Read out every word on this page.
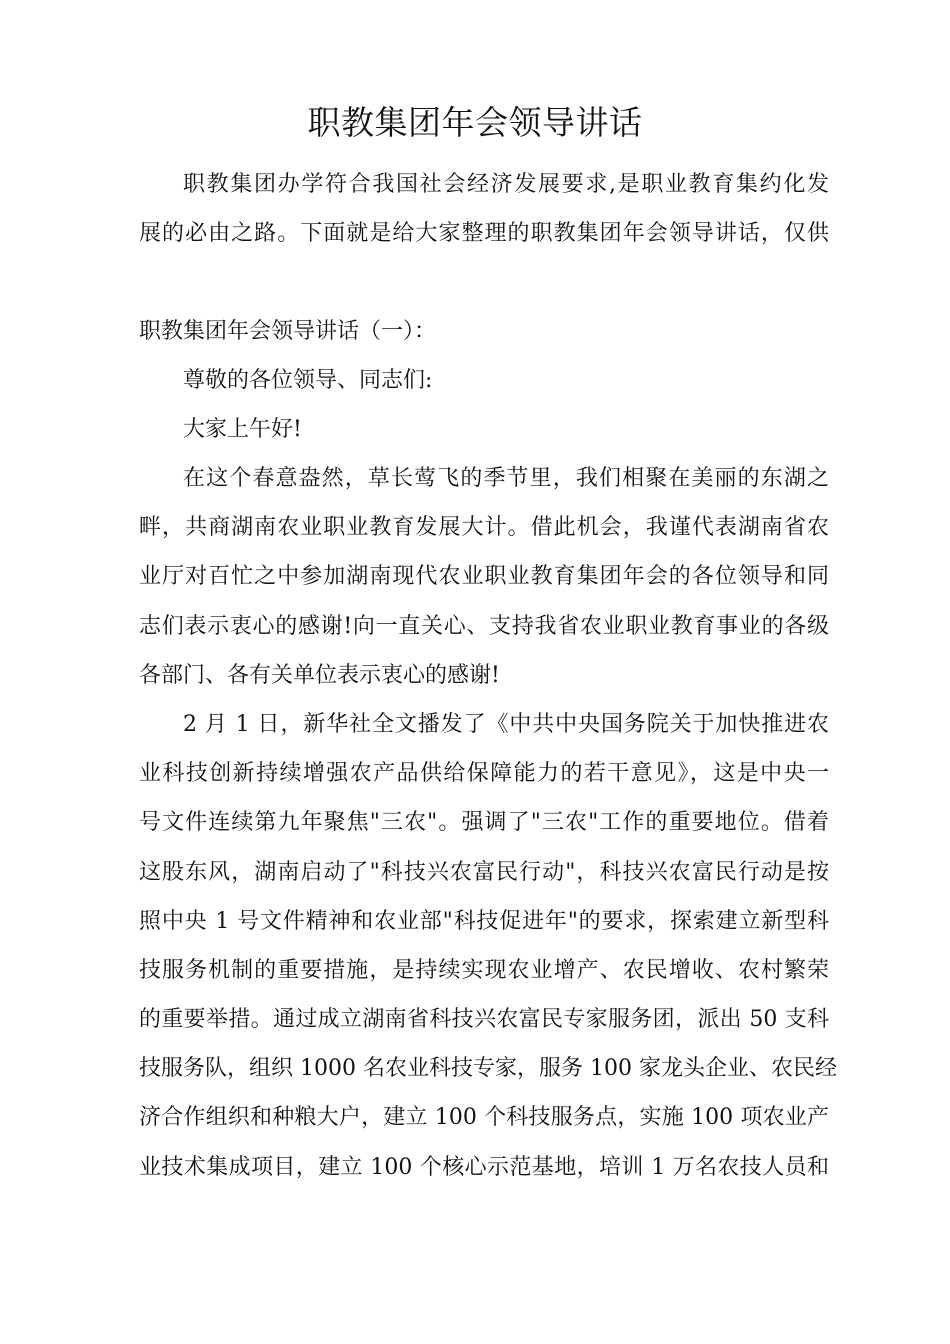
职教集团年会领导讲话
职教集团办学符合我国社会经济发展要求,是职业教育集约化发
展的必由之路。下面就是给大家整理的职教集团年会领导讲话，仅供
职教集团年会领导讲话（一）：
尊敬的各位领导、同志们:
大家上午好!
在这个春意盎然，草长莺飞的季节里，我们相聚在美丽的东湖之
畔，共商湖南农业职业教育发展大计。借此机会，我谨代表湖南省农
业厅对百忙之中参加湖南现代农业职业教育集团年会的各位领导和同
志们表示衷心的感谢!向一直关心、支持我省农业职业教育事业的各级
各部门、各有关单位表示衷心的感谢!
2 月 1 日，新华社全文播发了《中共中央国务院关于加快推进农
业科技创新持续增强农产品供给保障能力的若干意见》，这是中央一
号文件连续第九年聚焦"三农"。强调了"三农"工作的重要地位。借着
这股东风，湖南启动了"科技兴农富民行动"，科技兴农富民行动是按
照中央 1 号文件精神和农业部"科技促进年"的要求，探索建立新型科
技服务机制的重要措施，是持续实现农业增产、农民增收、农村繁荣
的重要举措。通过成立湖南省科技兴农富民专家服务团，派出 50 支科
技服务队，组织 1000 名农业科技专家，服务 100 家龙头企业、农民经
济合作组织和种粮大户，建立 100 个科技服务点，实施 100 项农业产
业技术集成项目，建立 100 个核心示范基地，培训 1 万名农技人员和
